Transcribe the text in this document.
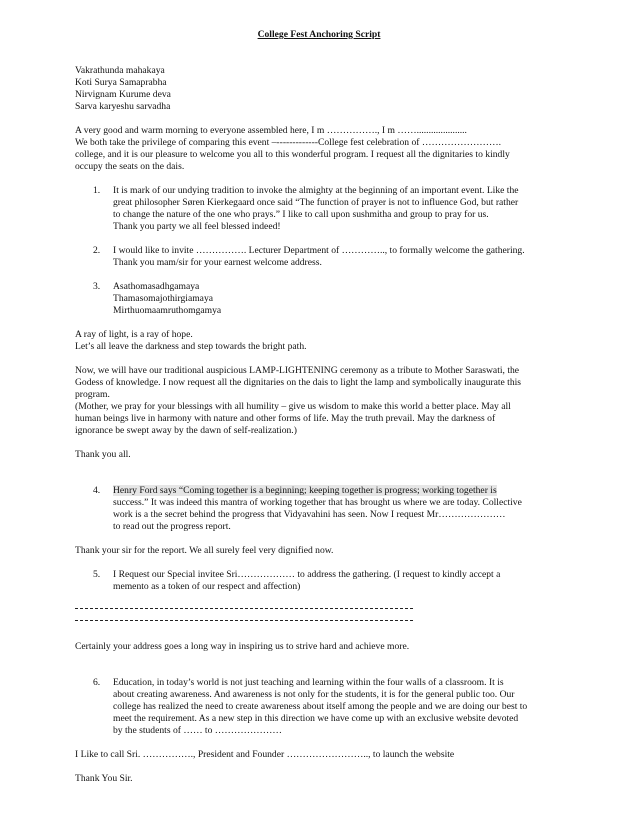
College Fest Anchoring Script
Vakrathunda mahakaya
Koti Surya Samaprabha
Nirvignam Kurume deva
Sarva karyeshu sarvadha
A very good and warm morning to everyone assembled here, I m ……………., I m …….....................
We both take the privilege of comparing this event –-------------College fest celebration of …………………….
college, and it is our pleasure to welcome you all to this wonderful program. I request all the dignitaries to kindly
occupy the seats on the dais.
1. It is mark of our undying tradition to invoke the almighty at the beginning of an important event. Like the
great philosopher Søren Kierkegaard once said “The function of prayer is not to influence God, but rather
to change the nature of the one who prays.” I like to call upon sushmitha and group to pray for us.
Thank you party we all feel blessed indeed!
2. I would like to invite ……………. Lecturer Department of ………….., to formally welcome the gathering.
Thank you mam/sir for your earnest welcome address.
3. Asathomasadhgamaya
Thamasomajothirgiamaya
Mirthuomaamruthomgamya
A ray of light, is a ray of hope.
Let’s all leave the darkness and step towards the bright path.
Now, we will have our traditional auspicious LAMP-LIGHTENING ceremony as a tribute to Mother Saraswati, the
Godess of knowledge. I now request all the dignitaries on the dais to light the lamp and symbolically inaugurate this
program.
(Mother, we pray for your blessings with all humility – give us wisdom to make this world a better place. May all
human beings live in harmony with nature and other forms of life. May the truth prevail. May the darkness of
ignorance be swept away by the dawn of self-realization.)
Thank you all.
4. Henry Ford says “Coming together is a beginning; keeping together is progress; working together is
success.” It was indeed this mantra of working together that has brought us where we are today. Collective
work is a the secret behind the progress that Vidyavahini has seen. Now I request Mr…………………
to read out the progress report.
Thank your sir for the report. We all surely feel very dignified now.
5. I Request our Special invitee Sri……………… to address the gathering. (I request to kindly accept a
memento as a token of our respect and affection)
Certainly your address goes a long way in inspiring us to strive hard and achieve more.
6. Education, in today’s world is not just teaching and learning within the four walls of a classroom. It is
about creating awareness. And awareness is not only for the students, it is for the general public too. Our
college has realized the need to create awareness about itself among the people and we are doing our best to
meet the requirement. As a new step in this direction we have come up with an exclusive website devoted
by the students of …… to …………………
I Like to call Sri. ……………., President and Founder …………………….., to launch the website
Thank You Sir.
